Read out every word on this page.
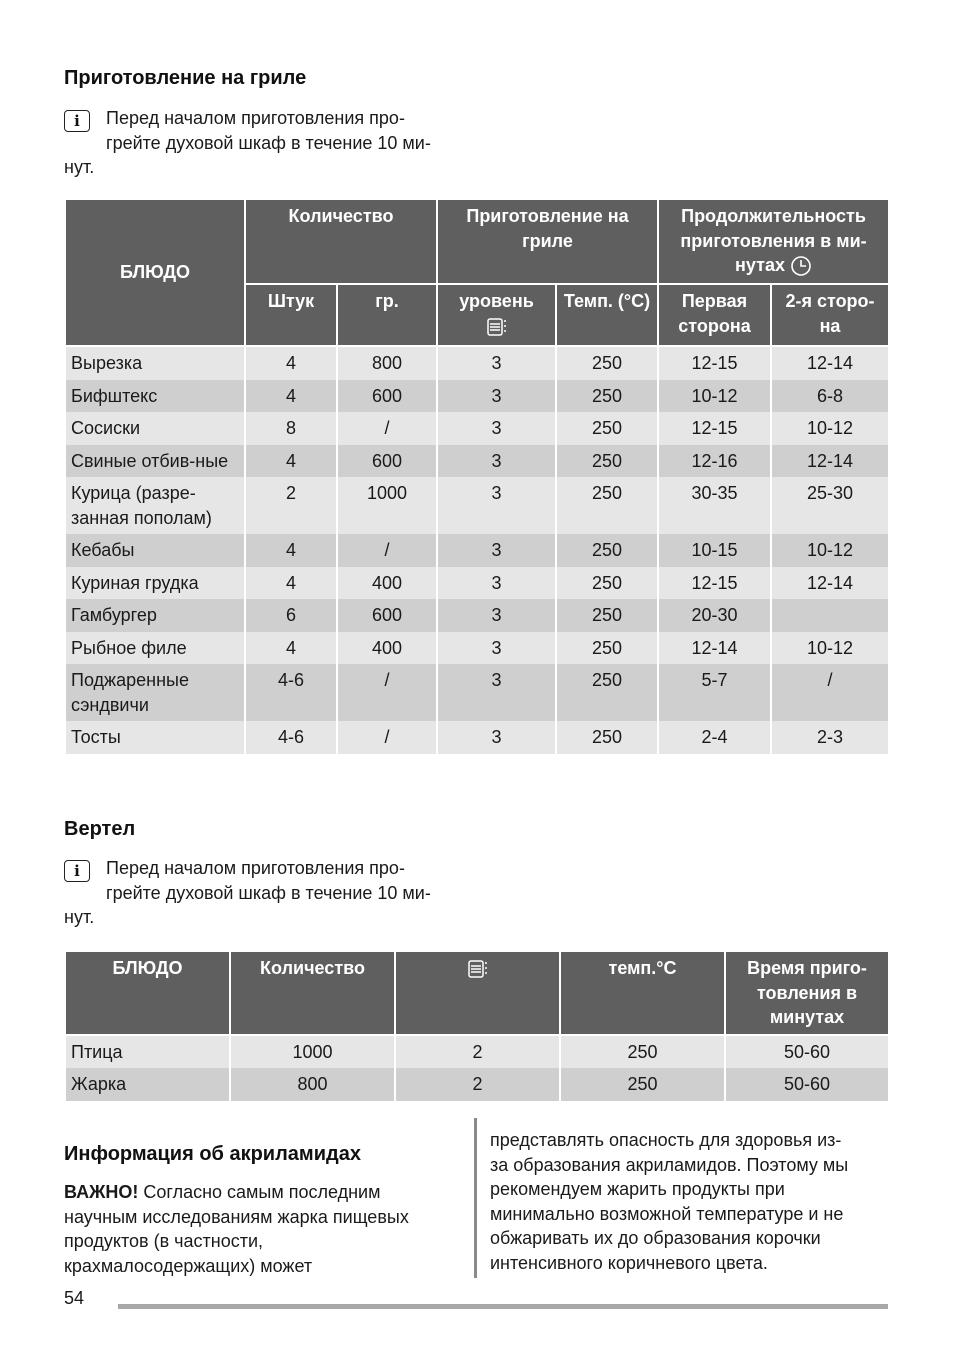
Приготовление на гриле
i	Перед началом приготовления про-
грейте духовой шкаф в течение 10 ми-
нут.
БЛЮДО	Количество		Приготовление на гриле		Продолжительность приготовления в ми-нутах	
	Штук	гр.	уровень	Темп. (°С)	Первая сторона	2-я сторо-на
Вырезка	4	800	3	250	12-15	12-14
Бифштекс	4	600	3	250	10-12	6-8
Сосиски	8	/	3	250	12-15	10-12
Свиные отбив-ные	4	600	3	250	12-16	12-14
Курица (разре-занная пополам)	2	1000	3	250	30-35	25-30
Кебабы	4	/	3	250	10-15	10-12
Куриная грудка	4	400	3	250	12-15	12-14
Гамбургер	6	600	3	250	20-30	
Рыбное филе	4	400	3	250	12-14	10-12
Поджаренные сэндвичи	4-6	/	3	250	5-7	/
Тосты	4-6	/	3	250	2-4	2-3
Вертел
i	Перед началом приготовления про-
грейте духовой шкаф в течение 10 ми-
нут.
БЛЮДО	Количество		темп.°С	Время приго-товления в минутах
Птица	1000	2	250	50-60
Жарка	800	2	250	50-60
Информация об акриламидах
ВАЖНО! Согласно самым последним
научным исследованиям жарка пищевых
продуктов (в частности,
крахмалосодержащих) может
представлять опасность для здоровья из-
за образования акриламидов. Поэтому мы
рекомендуем жарить продукты при
минимально возможной температуре и не
обжаривать их до образования корочки
интенсивного коричневого цвета.
54
